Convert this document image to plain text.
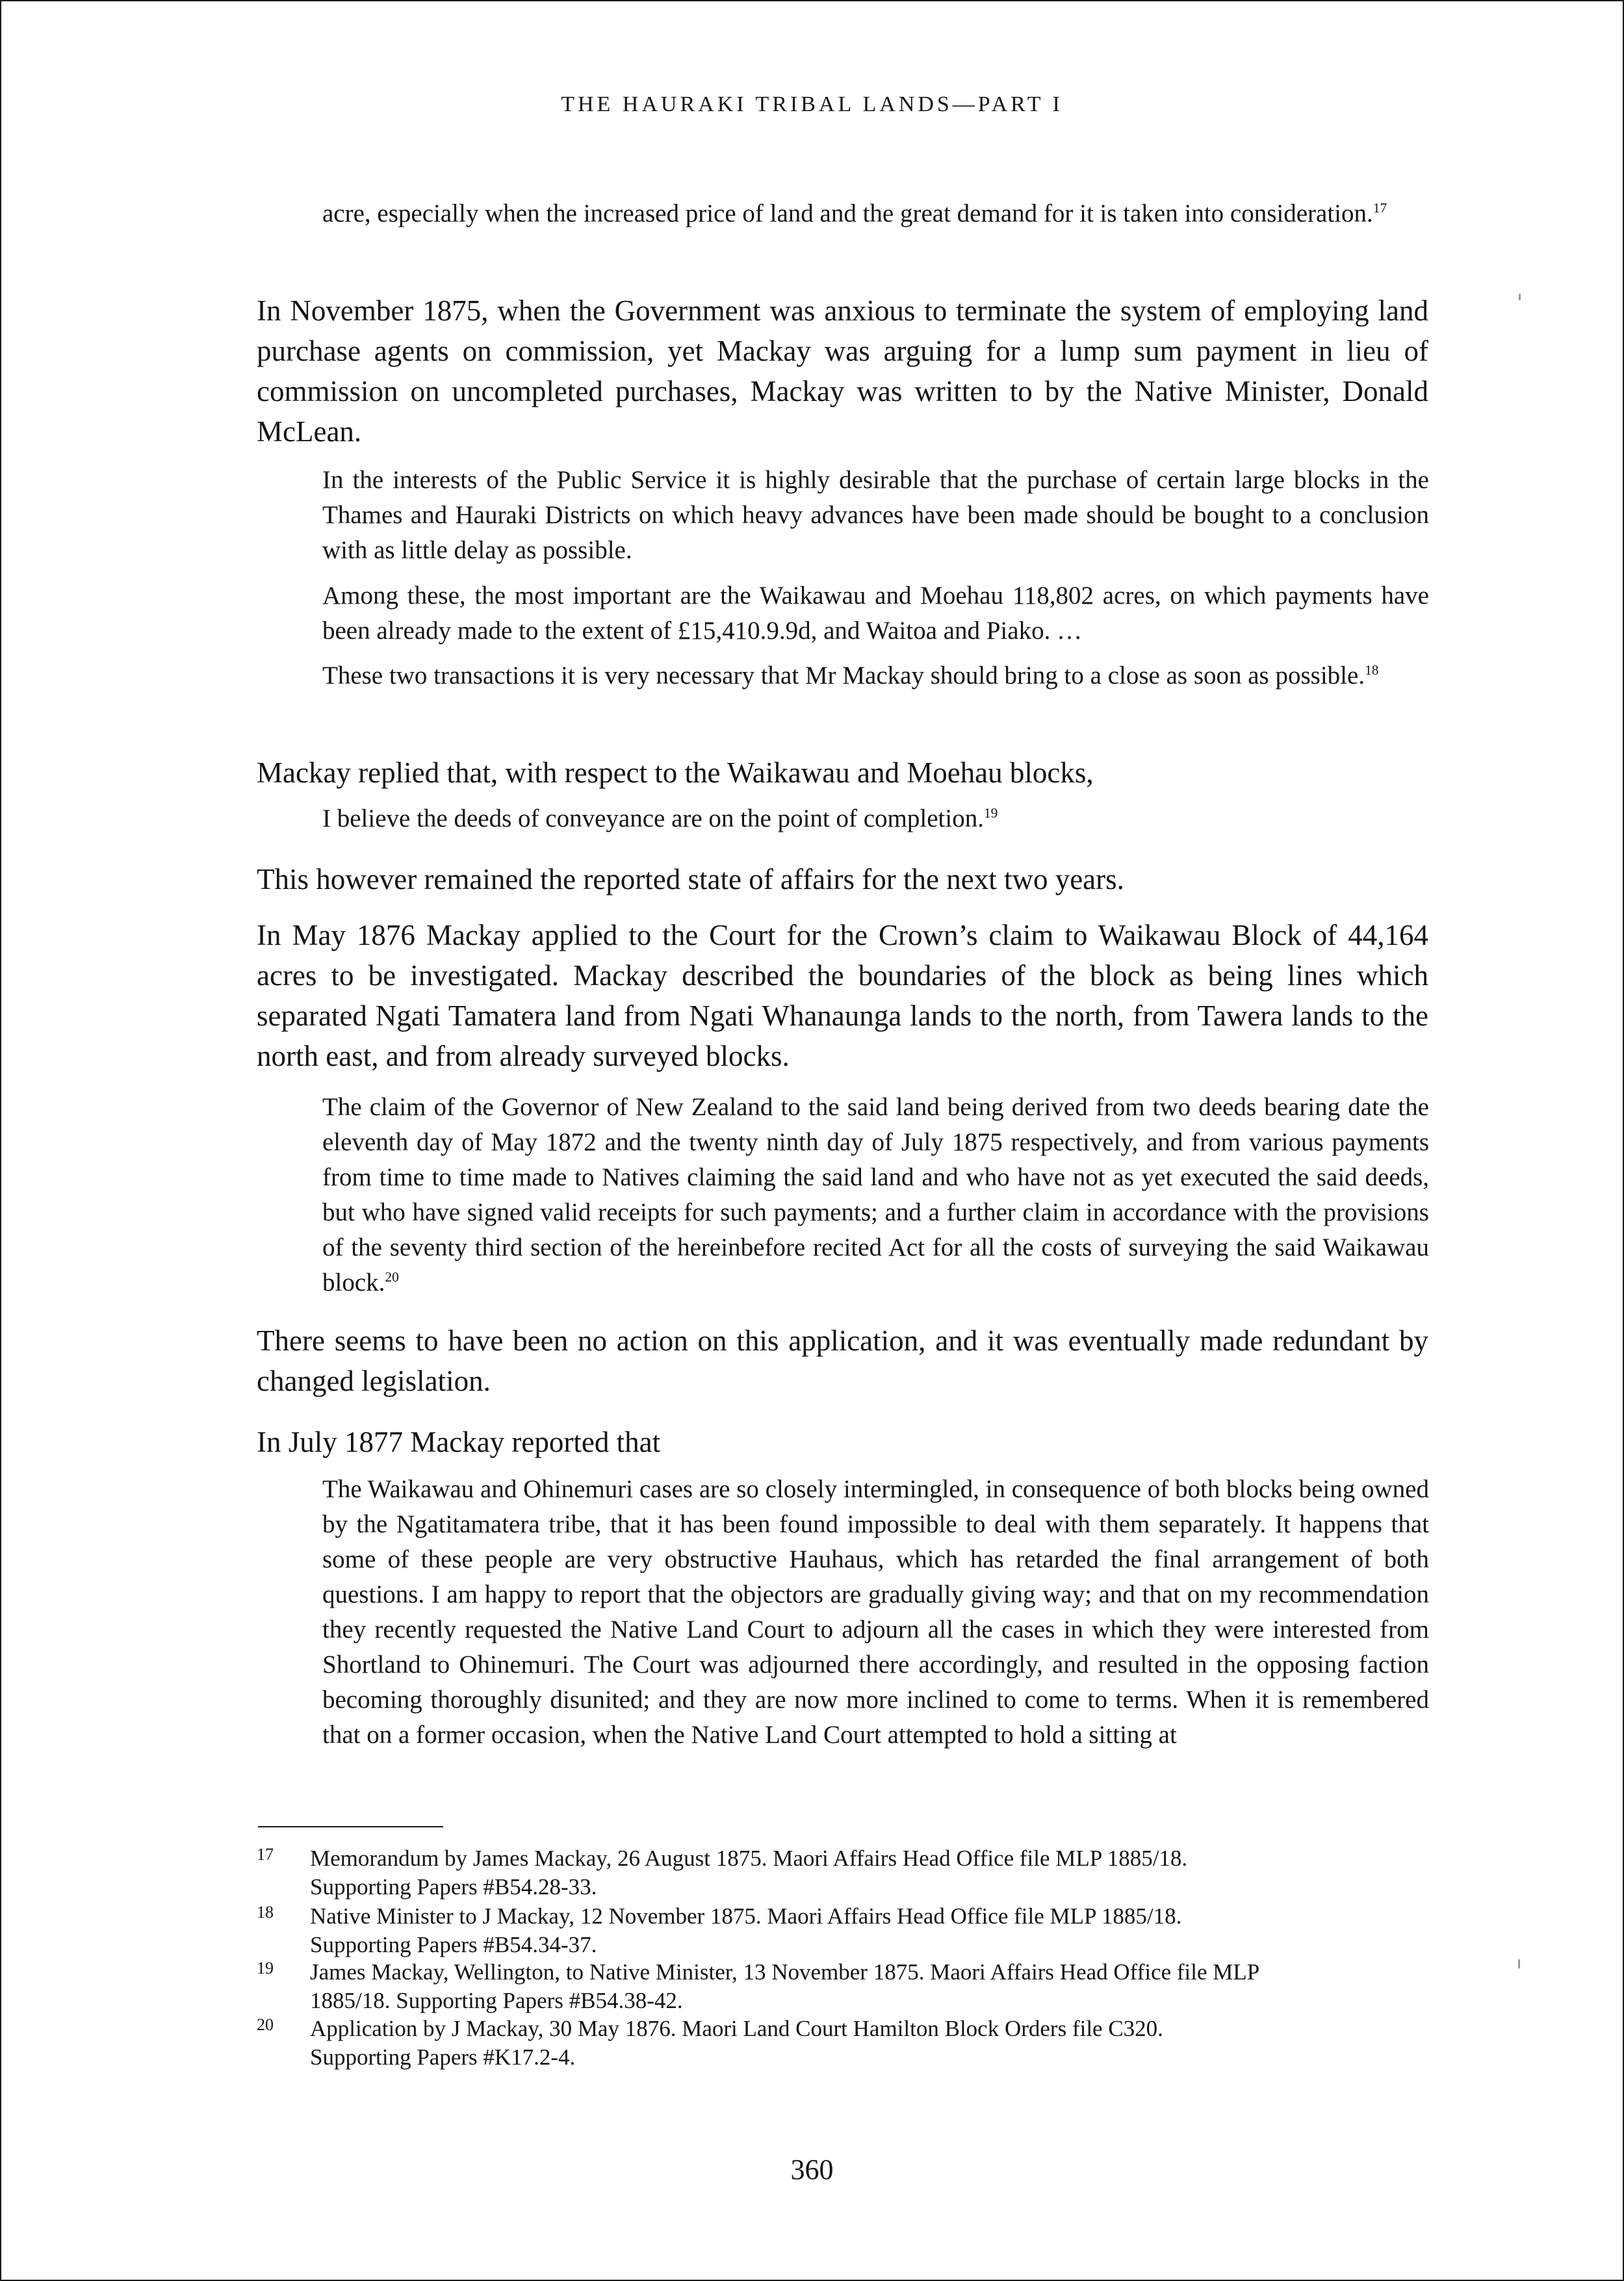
THE HAURAKI TRIBAL LANDS—PART I

acre, especially when the increased price of land and the great demand for it is taken into consideration.$^{17}$

In November 1875, when the Government was anxious to terminate the system of employing land purchase agents on commission, yet Mackay was arguing for a lump sum payment in lieu of commission on uncompleted purchases, Mackay was written to by the Native Minister, Donald McLean.

In the interests of the Public Service it is highly desirable that the purchase of certain large blocks in the Thames and Hauraki Districts on which heavy advances have been made should be bought to a conclusion with as little delay as possible.

Among these, the most important are the Waikawau and Moehau 118,802 acres, on which payments have been already made to the extent of £15,410.9.9d, and Waitoa and Piako. …

These two transactions it is very necessary that Mr Mackay should bring to a close as soon as possible.$^{18}$

Mackay replied that, with respect to the Waikawau and Moehau blocks,

I believe the deeds of conveyance are on the point of completion.$^{19}$

This however remained the reported state of affairs for the next two years.

In May 1876 Mackay applied to the Court for the Crown’s claim to Waikawau Block of 44,164 acres to be investigated. Mackay described the boundaries of the block as being lines which separated Ngati Tamatera land from Ngati Whanaunga lands to the north, from Tawera lands to the north east, and from already surveyed blocks.

The claim of the Governor of New Zealand to the said land being derived from two deeds bearing date the eleventh day of May 1872 and the twenty ninth day of July 1875 respectively, and from various payments from time to time made to Natives claiming the said land and who have not as yet executed the said deeds, but who have signed valid receipts for such payments; and a further claim in accordance with the provisions of the seventy third section of the hereinbefore recited Act for all the costs of surveying the said Waikawau block.$^{20}$

There seems to have been no action on this application, and it was eventually made redundant by changed legislation.

In July 1877 Mackay reported that

The Waikawau and Ohinemuri cases are so closely intermingled, in consequence of both blocks being owned by the Ngatitamatera tribe, that it has been found impossible to deal with them separately. It happens that some of these people are very obstructive Hauhaus, which has retarded the final arrangement of both questions. I am happy to report that the objectors are gradually giving way; and that on my recommendation they recently requested the Native Land Court to adjourn all the cases in which they were interested from Shortland to Ohinemuri. The Court was adjourned there accordingly, and resulted in the opposing faction becoming thoroughly disunited; and they are now more inclined to come to terms. When it is remembered that on a former occasion, when the Native Land Court attempted to hold a sitting at

17 Memorandum by James Mackay, 26 August 1875. Maori Affairs Head Office file MLP 1885/18.
Supporting Papers #B54.28-33.
18 Native Minister to J Mackay, 12 November 1875. Maori Affairs Head Office file MLP 1885/18.
Supporting Papers #B54.34-37.
19 James Mackay, Wellington, to Native Minister, 13 November 1875. Maori Affairs Head Office file MLP
1885/18. Supporting Papers #B54.38-42.
20 Application by J Mackay, 30 May 1876. Maori Land Court Hamilton Block Orders file C320.
Supporting Papers #K17.2-4.
360
